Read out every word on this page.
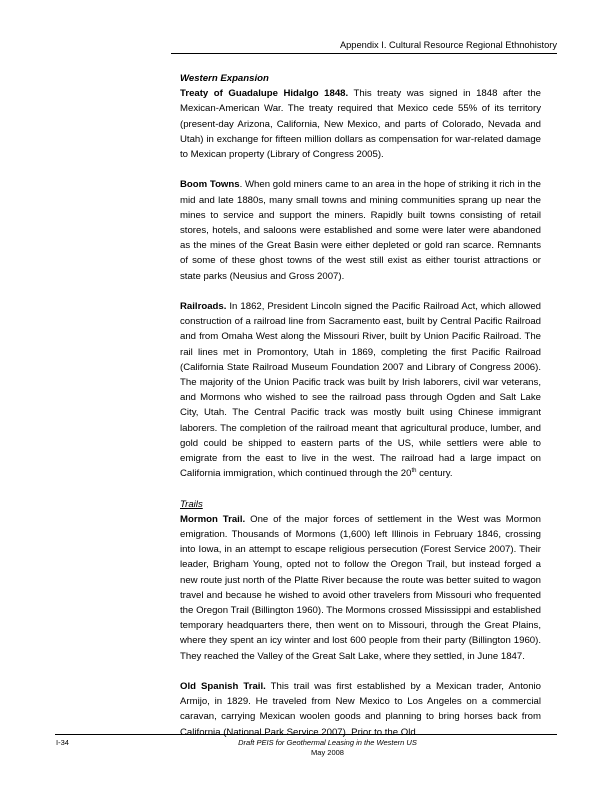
Appendix I. Cultural Resource Regional Ethnohistory
Western Expansion

Treaty of Guadalupe Hidalgo 1848. This treaty was signed in 1848 after the Mexican-American War. The treaty required that Mexico cede 55% of its territory (present-day Arizona, California, New Mexico, and parts of Colorado, Nevada and Utah) in exchange for fifteen million dollars as compensation for war-related damage to Mexican property (Library of Congress 2005).

Boom Towns. When gold miners came to an area in the hope of striking it rich in the mid and late 1880s, many small towns and mining communities sprang up near the mines to service and support the miners. Rapidly built towns consisting of retail stores, hotels, and saloons were established and some were later were abandoned as the mines of the Great Basin were either depleted or gold ran scarce. Remnants of some of these ghost towns of the west still exist as either tourist attractions or state parks (Neusius and Gross 2007).

Railroads. In 1862, President Lincoln signed the Pacific Railroad Act, which allowed construction of a railroad line from Sacramento east, built by Central Pacific Railroad and from Omaha West along the Missouri River, built by Union Pacific Railroad. The rail lines met in Promontory, Utah in 1869, completing the first Pacific Railroad (California State Railroad Museum Foundation 2007 and Library of Congress 2006). The majority of the Union Pacific track was built by Irish laborers, civil war veterans, and Mormons who wished to see the railroad pass through Ogden and Salt Lake City, Utah. The Central Pacific track was mostly built using Chinese immigrant laborers. The completion of the railroad meant that agricultural produce, lumber, and gold could be shipped to eastern parts of the US, while settlers were able to emigrate from the east to live in the west. The railroad had a large impact on California immigration, which continued through the 20th century.

Trails

Mormon Trail. One of the major forces of settlement in the West was Mormon emigration. Thousands of Mormons (1,600) left Illinois in February 1846, crossing into Iowa, in an attempt to escape religious persecution (Forest Service 2007). Their leader, Brigham Young, opted not to follow the Oregon Trail, but instead forged a new route just north of the Platte River because the route was better suited to wagon travel and because he wished to avoid other travelers from Missouri who frequented the Oregon Trail (Billington 1960). The Mormons crossed Mississippi and established temporary headquarters there, then went on to Missouri, through the Great Plains, where they spent an icy winter and lost 600 people from their party (Billington 1960). They reached the Valley of the Great Salt Lake, where they settled, in June 1847.

Old Spanish Trail. This trail was first established by a Mexican trader, Antonio Armijo, in 1829. He traveled from New Mexico to Los Angeles on a commercial caravan, carrying Mexican woolen goods and planning to bring horses back from California (National Park Service 2007). Prior to the Old

I-34	Draft PEIS for Geothermal Leasing in the Western US
May 2008
